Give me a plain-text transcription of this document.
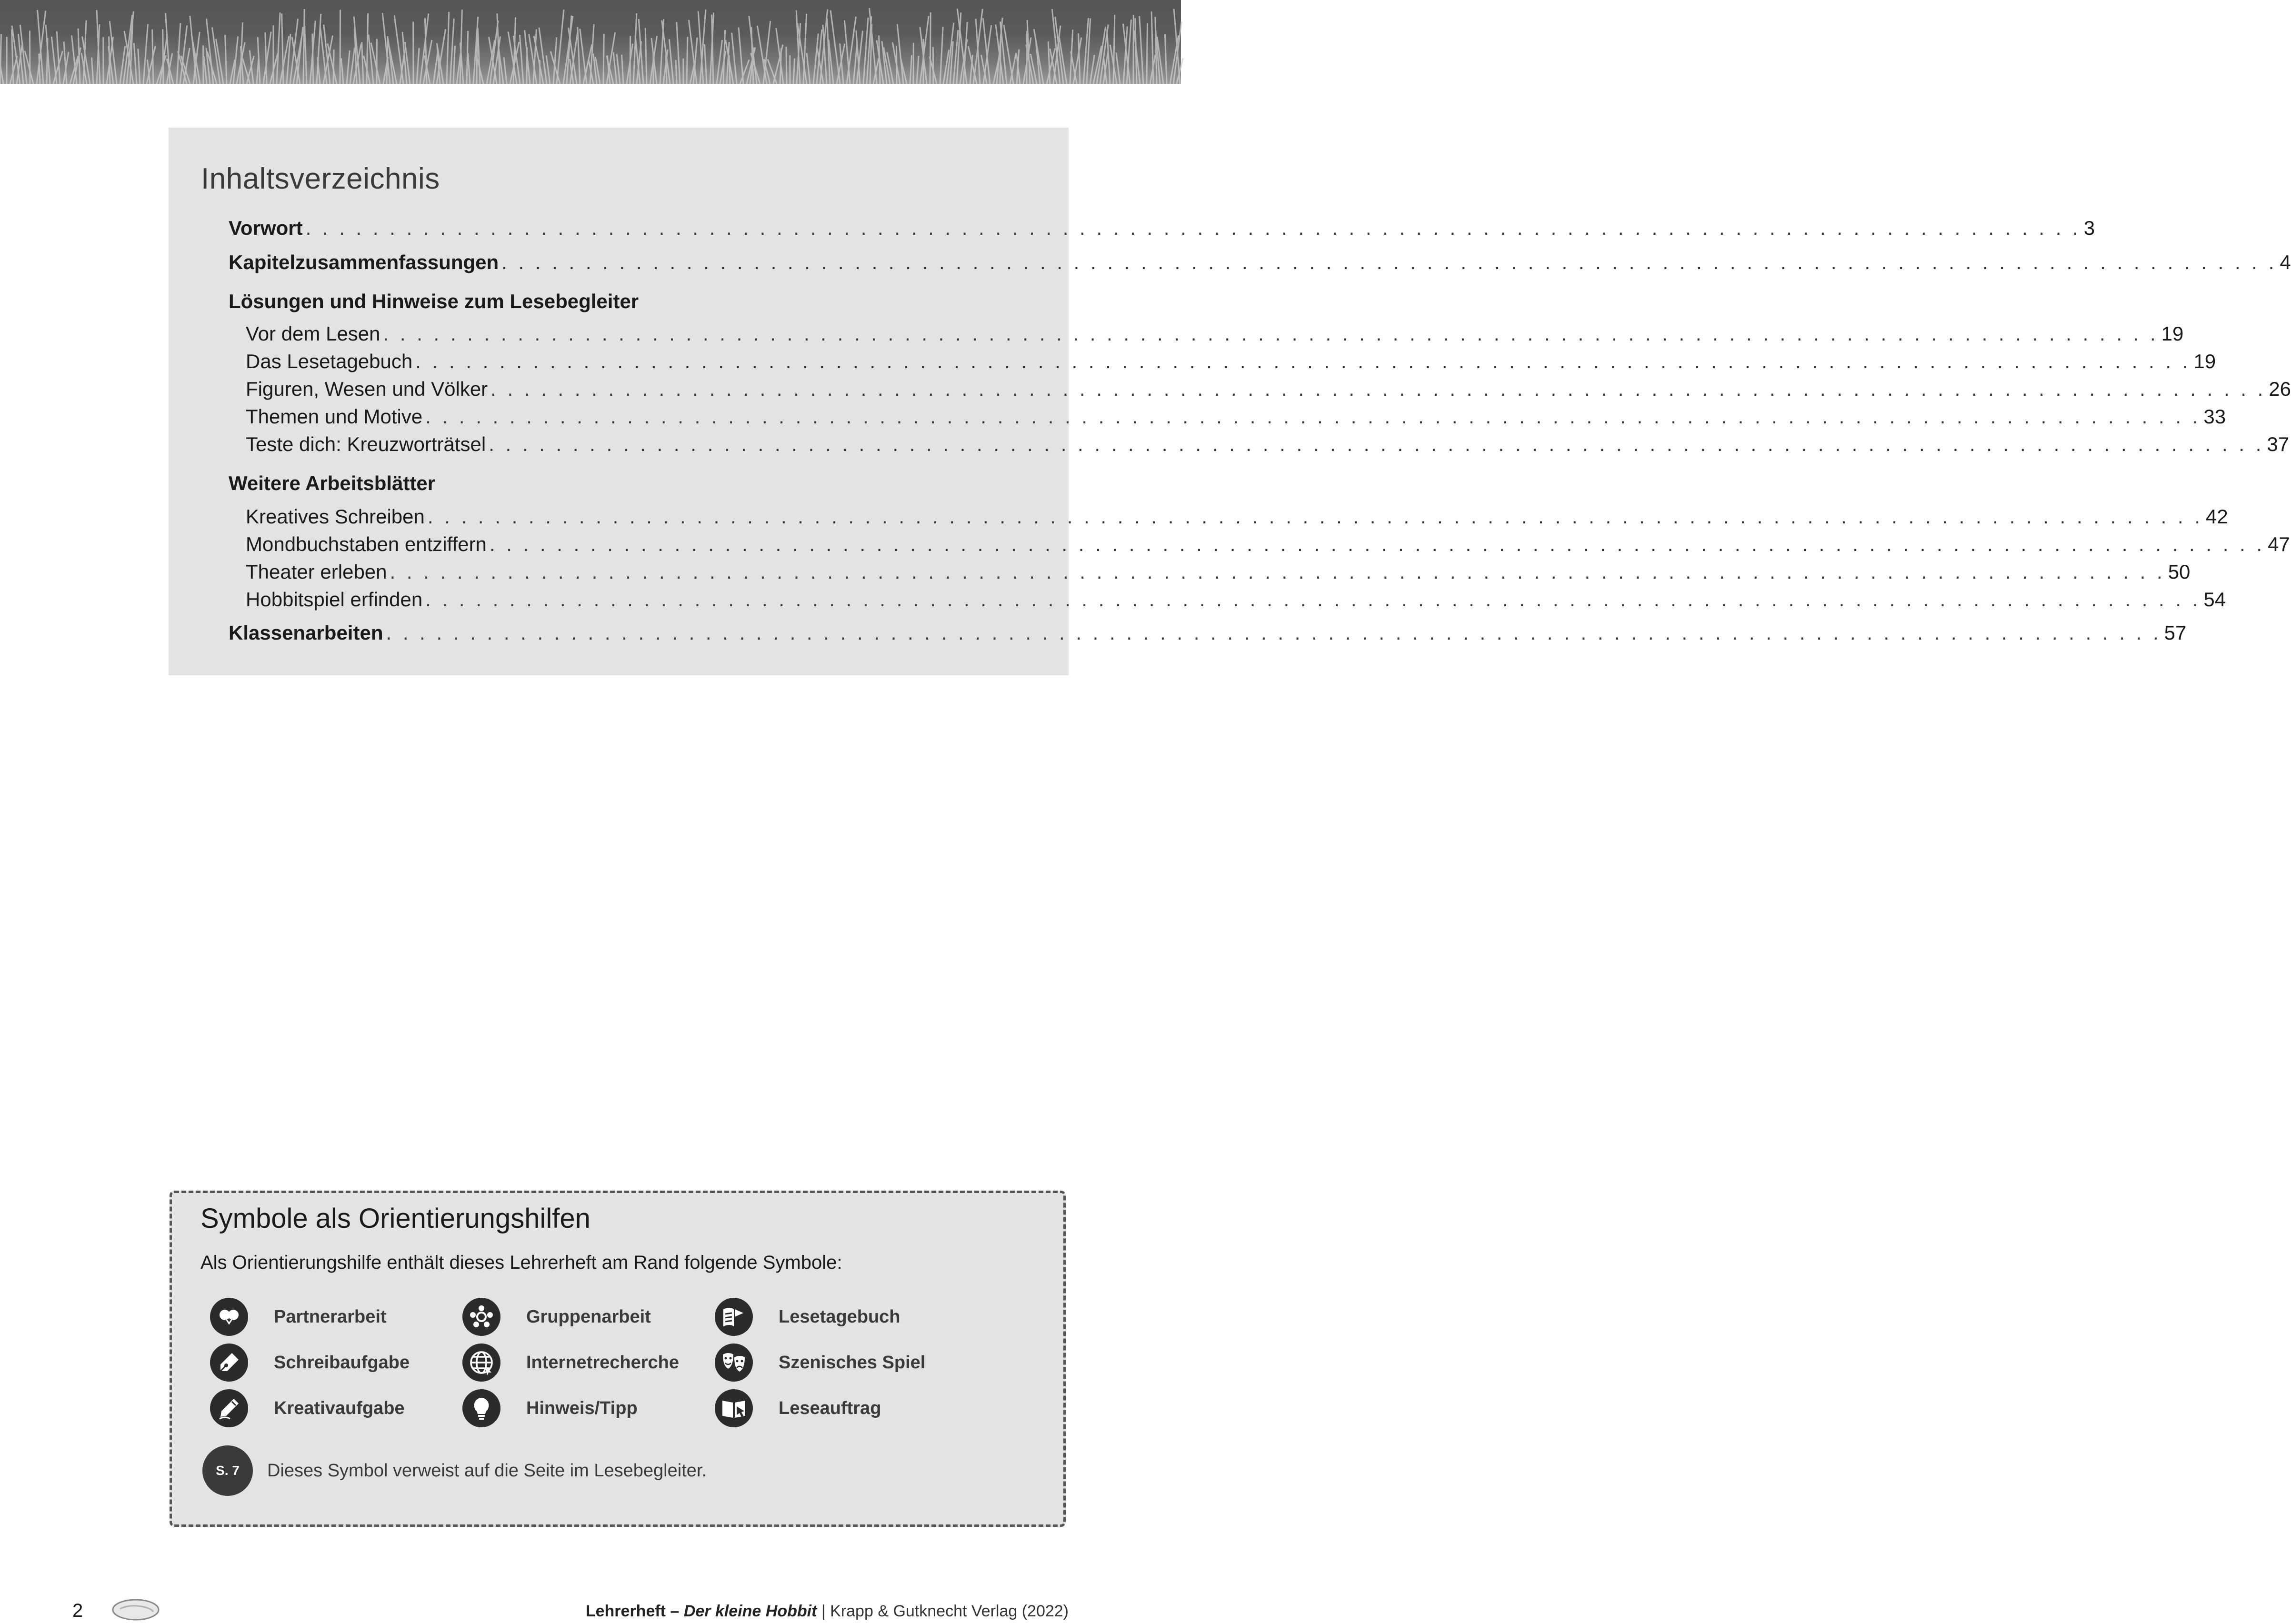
Inhaltsverzeichnis
Vorwort . . . . . . . . . . . . . . . . . . . . . . . . . . . . . . . . . . . . . . . . . . . . . . . . . . . . . . . . . . . . . . . . . . . . . . . . . . . . . . . . . . . . . . . . . . . . . . . . . . . . . . . . . . 3
Kapitelzusammenfassungen . . . . . . . . . . . . . . . . . . . . . . . . . . . . . . . . . . . . . . . . . . . . . . . . . . . . . . . . . . . . . . . . . . . . . . . . . . . . . . . . . . . . . . . . . . . . . . . . . . . . . . . . . . 4
Lösungen und Hinweise zum Lesebegleiter
Vor dem Lesen . . . . . . . . . . . . . . . . . . . . . . . . . . . . . . . . . . . . . . . . . . . . . . . . . . . . . . . . . . . . . . . . . . . . . . . . . . . . . . . . . . . . . . . . . . . . . . . . . . . . . . . . . . 19
Das Lesetagebuch . . . . . . . . . . . . . . . . . . . . . . . . . . . . . . . . . . . . . . . . . . . . . . . . . . . . . . . . . . . . . . . . . . . . . . . . . . . . . . . . . . . . . . . . . . . . . . . . . . . . . . . . . . 19
Figuren, Wesen und Völker . . . . . . . . . . . . . . . . . . . . . . . . . . . . . . . . . . . . . . . . . . . . . . . . . . . . . . . . . . . . . . . . . . . . . . . . . . . . . . . . . . . . . . . . . . . . . . . . . . . . . . . . . . 26
Themen und Motive . . . . . . . . . . . . . . . . . . . . . . . . . . . . . . . . . . . . . . . . . . . . . . . . . . . . . . . . . . . . . . . . . . . . . . . . . . . . . . . . . . . . . . . . . . . . . . . . . . . . . . . . . . 33
Teste dich: Kreuzworträtsel . . . . . . . . . . . . . . . . . . . . . . . . . . . . . . . . . . . . . . . . . . . . . . . . . . . . . . . . . . . . . . . . . . . . . . . . . . . . . . . . . . . . . . . . . . . . . . . . . . . . . . . . . . 37
Weitere Arbeitsblätter
Kreatives Schreiben . . . . . . . . . . . . . . . . . . . . . . . . . . . . . . . . . . . . . . . . . . . . . . . . . . . . . . . . . . . . . . . . . . . . . . . . . . . . . . . . . . . . . . . . . . . . . . . . . . . . . . . . . . 42
Mondbuchstaben entziffern . . . . . . . . . . . . . . . . . . . . . . . . . . . . . . . . . . . . . . . . . . . . . . . . . . . . . . . . . . . . . . . . . . . . . . . . . . . . . . . . . . . . . . . . . . . . . . . . . . . . . . . . . . 47
Theater erleben . . . . . . . . . . . . . . . . . . . . . . . . . . . . . . . . . . . . . . . . . . . . . . . . . . . . . . . . . . . . . . . . . . . . . . . . . . . . . . . . . . . . . . . . . . . . . . . . . . . . . . . . . . 50
Hobbitspiel erfinden . . . . . . . . . . . . . . . . . . . . . . . . . . . . . . . . . . . . . . . . . . . . . . . . . . . . . . . . . . . . . . . . . . . . . . . . . . . . . . . . . . . . . . . . . . . . . . . . . . . . . . . . . . 54
Klassenarbeiten . . . . . . . . . . . . . . . . . . . . . . . . . . . . . . . . . . . . . . . . . . . . . . . . . . . . . . . . . . . . . . . . . . . . . . . . . . . . . . . . . . . . . . . . . . . . . . . . . . . . . . . . . . 57
Symbole als Orientierungshilfen
Als Orientierungshilfe enthält dieses Lehrerheft am Rand folgende Symbole:
Partnerarbeit	Gruppenarbeit	Lesetagebuch
Schreibaufgabe	Internetrecherche	Szenisches Spiel
Kreativaufgabe	Hinweis/Tipp	Leseauftrag
S. 7	Dieses Symbol verweist auf die Seite im Lesebegleiter.
2	Lehrerheft – Der kleine Hobbit | Krapp & Gutknecht Verlag (2022)
